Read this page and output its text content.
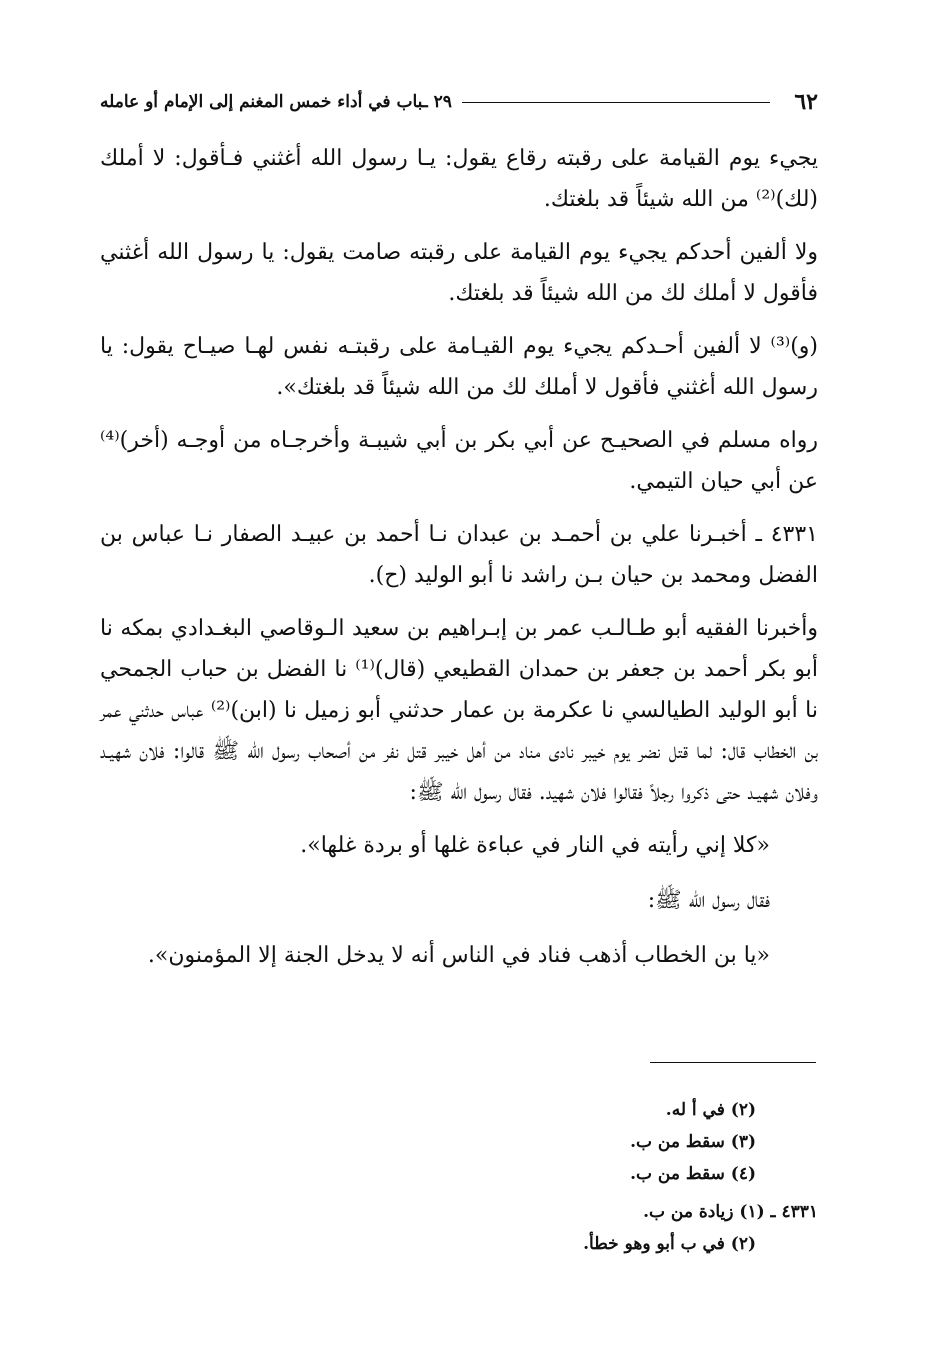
٦٢
٢٩ ـباب في أداء خمس المغنم إلى الإمام أو عامله

يجيء يوم القيامة على رقبته رقاع يقول: يـا رسول الله أغثني فـأقول: لا أملك (لك)⁽²⁾ من الله شيئاً قد بلغتك.

ولا ألفين أحدكم يجيء يوم القيامة على رقبته صامت يقول: يا رسول الله أغثني فأقول لا أملك لك من الله شيئاً قد بلغتك.

(و)⁽³⁾ لا ألفين أحـدكم يجيء يوم القيـامة على رقبتـه نفس لهـا صيـاح يقول: يا رسول الله أغثني فأقول لا أملك لك من الله شيئاً قد بلغتك».

رواه مسلم في الصحيـح عن أبي بكر بن أبي شيبـة وأخرجـاه من أوجـه (أخر)⁽⁴⁾ عن أبي حيان التيمي.

٤٣٣١ ـ أخبـرنا علي بن أحمـد بن عبدان نـا أحمد بن عبيـد الصفار نـا عباس بن الفضل ومحمد بن حيان بـن راشد نا أبو الوليد (ح).

وأخبرنا الفقيه أبو طـالـب عمر بن إبـراهيم بن سعيد الـوقاصي البغـدادي بمكه نا أبو بكر أحمد بن جعفر بن حمدان القطيعي (قال)⁽¹⁾ نا الفضل بن حباب الجمحي نا أبو الوليد الطيالسي نا عكرمة بن عمار حدثني أبو زميل نا (ابن)⁽²⁾ عباس حدثني عمر بن الخطاب قال: لما قتل نضر يوم خيبر نادى مناد من أهل خيبر قتل نفر من أصحاب رسول الله ﷺ قالوا: فلان شهيـد وفلان شهيـد حتى ذكروا رجلاً فقالوا فلان شهيد. فقال رسول الله ﷺ:

«كلا إني رأيته في النار في عباءة غلها أو بردة غلها».

فقال رسول الله ﷺ:

«يا بن الخطاب أذهب فناد في الناس أنه لا يدخل الجنة إلا المؤمنون».

(٢) في أ له.
(٣) سقط من ب.
(٤) سقط من ب.
٤٣٣١ ـ (١) زيادة من ب.
(٢) في ب أبو وهو خطأ.
